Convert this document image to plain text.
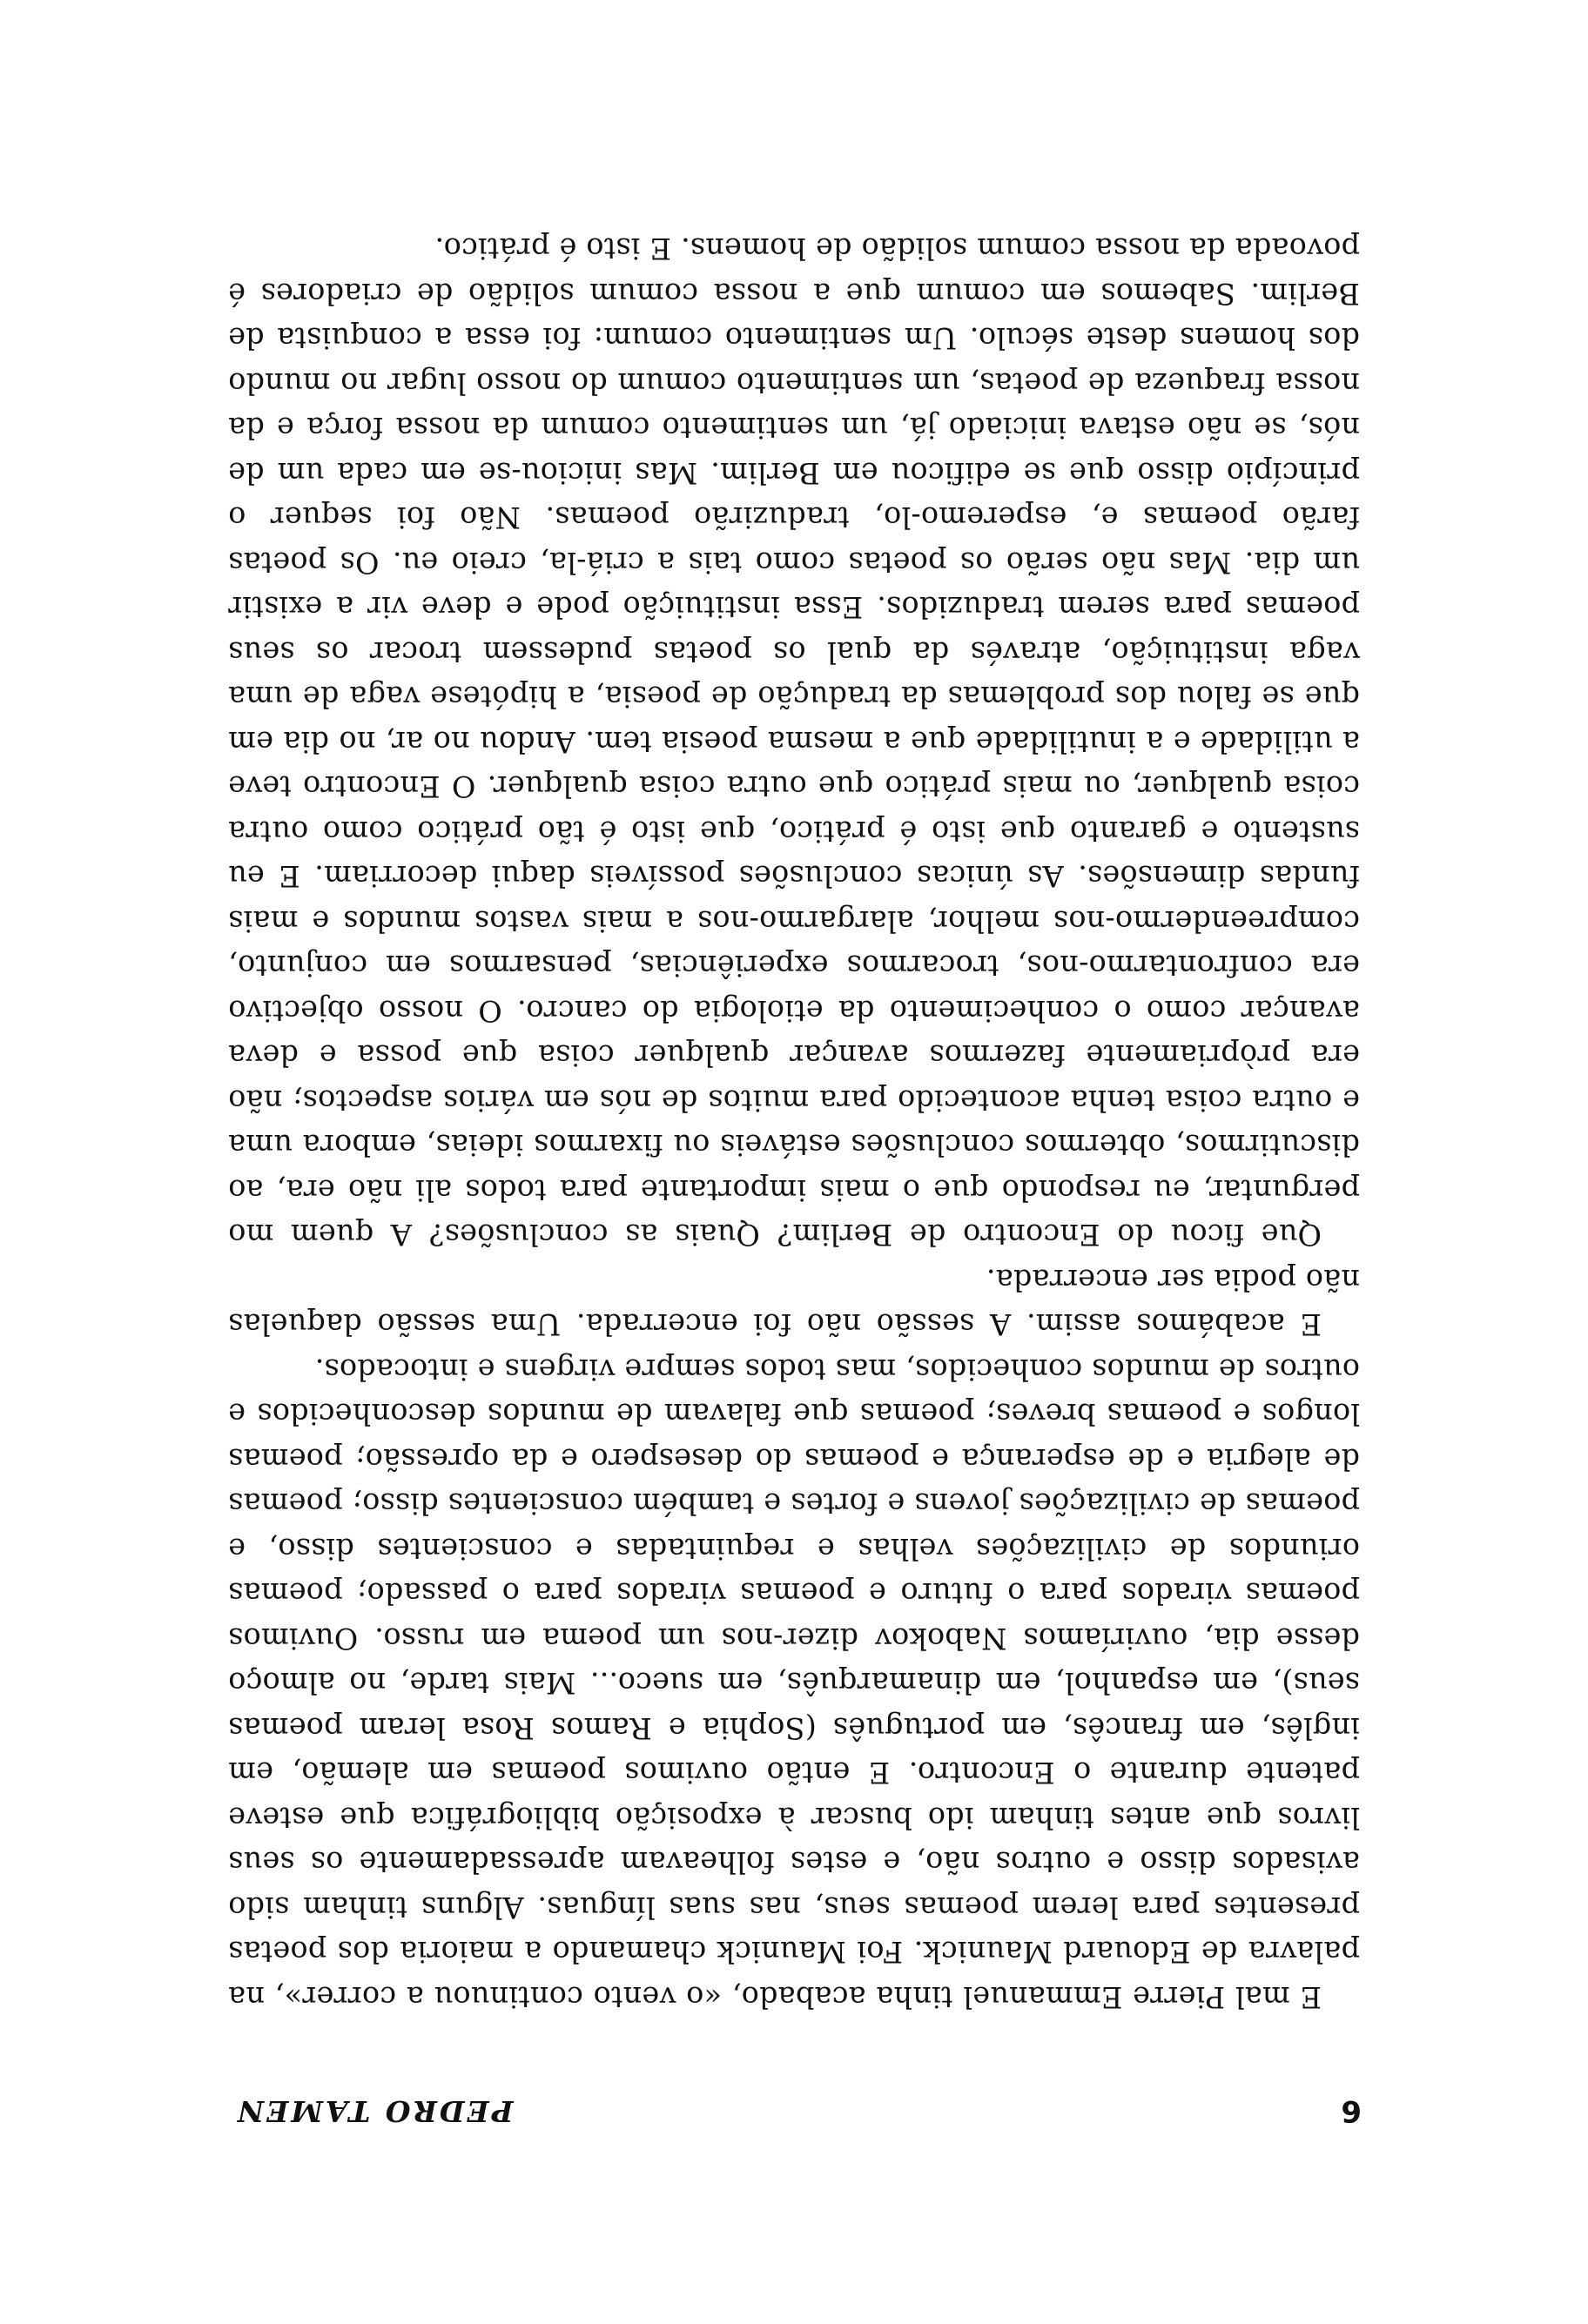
6
PEDRO TAMEN

E mal Pierre Emmanuel tinha acabado, «o vento continuou a correr», na palavra de Edouard Maunick. Foi Maunick chamando a maioria dos poetas presentes para lerem poemas seus, nas suas línguas. Alguns tinham sido avisados disso e outros não, e estes folheavam apressadamente os seus livros que antes tinham ido buscar à exposição bibliográfica que esteve patente durante o Encontro. E então ouvimos poemas em alemão, em inglês, em francês, em português (Sophia e Ramos Rosa leram poemas seus), em espanhol, em dinamarquês, em sueco... Mais tarde, no almoço desse dia, ouviríamos Nabokov dizer-nos um poema em russo. Ouvimos poemas virados para o futuro e poemas virados para o passado; poemas oriundos de civilizações velhas e requintadas e conscientes disso, e poemas de civilizações jovens e fortes e também conscientes disso; poemas de alegria e de esperança e poemas do desespero e da opressão; poemas longos e poemas breves; poemas que falavam de mundos desconhecidos e outros de mundos conhecidos, mas todos sempre virgens e intocados.

E acabámos assim. A sessão não foi encerrada. Uma sessão daquelas não podia ser encerrada.

Que ficou do Encontro de Berlim? Quais as conclusões? A quem mo perguntar, eu respondo que o mais importante para todos ali não era, ao discutirmos, obtermos conclusões estáveis ou fixarmos ideias, embora uma e outra coisa tenha acontecido para muitos de nós em vários aspectos; não era pròpriamente fazermos avançar qualquer coisa que possa e deva avançar como o conhecimento da etiologia do cancro. O nosso objectivo era confrontarmo-nos, trocarmos experiências, pensarmos em conjunto, compreendermo-nos melhor, alargarmo-nos a mais vastos mundos e mais fundas dimensões. As únicas conclusões possíveis daqui decorriam. E eu sustento e garanto que isto é prático, que isto é tão prático como outra coisa qualquer, ou mais prático que outra coisa qualquer. O Encontro teve a utilidade e a inutilidade que a mesma poesia tem. Andou no ar, no dia em que se falou dos problemas da tradução de poesia, a hipótese vaga de uma vaga instituição, através da qual os poetas pudessem trocar os seus poemas para serem traduzidos. Essa instituição pode e deve vir a existir um dia. Mas não serão os poetas como tais a criá-la, creio eu. Os poetas farão poemas e, esperemo-lo, traduzirão poemas. Não foi sequer o princípio disso que se edificou em Berlim. Mas iniciou-se em cada um de nós, se não estava iniciado já, um sentimento comum da nossa força e da nossa fraqueza de poetas, um sentimento comum do nosso lugar no mundo dos homens deste século. Um sentimento comum: foi essa a conquista de Berlim. Sabemos em comum que a nossa comum solidão de criadores é povoada da nossa comum solidão de homens. E isto é prático.
